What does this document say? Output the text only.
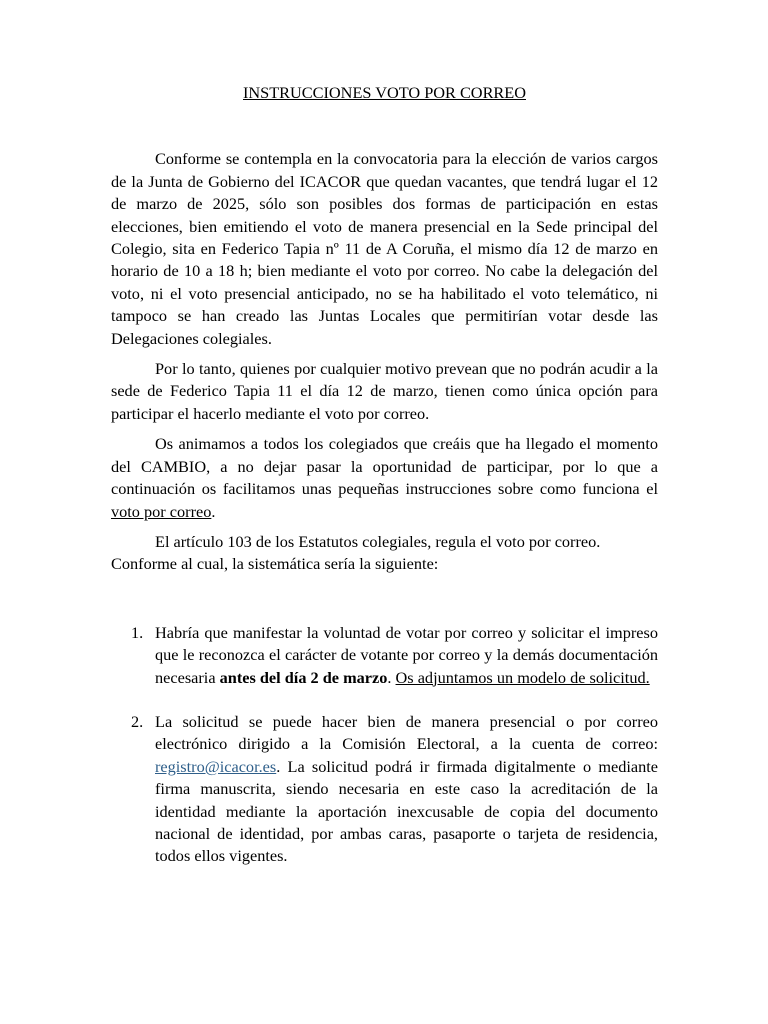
INSTRUCCIONES VOTO POR CORREO

Conforme se contempla en la convocatoria para la elección de varios cargos de la Junta de Gobierno del ICACOR que quedan vacantes, que tendrá lugar el 12 de marzo de 2025, sólo son posibles dos formas de participación en estas elecciones, bien emitiendo el voto de manera presencial en la Sede principal del Colegio, sita en Federico Tapia nº 11 de A Coruña, el mismo día 12 de marzo en horario de 10 a 18 h; bien mediante el voto por correo. No cabe la delegación del voto, ni el voto presencial anticipado, no se ha habilitado el voto telemático, ni tampoco se han creado las Juntas Locales que permitirían votar desde las Delegaciones colegiales.

Por lo tanto, quienes por cualquier motivo prevean que no podrán acudir a la sede de Federico Tapia 11 el día 12 de marzo, tienen como única opción para participar el hacerlo mediante el voto por correo.

Os animamos a todos los colegiados que creáis que ha llegado el momento del CAMBIO, a no dejar pasar la oportunidad de participar, por lo que a continuación os facilitamos unas pequeñas instrucciones sobre como funciona el voto por correo.

El artículo 103 de los Estatutos colegiales, regula el voto por correo. Conforme al cual, la sistemática sería la siguiente:

1. Habría que manifestar la voluntad de votar por correo y solicitar el impreso que le reconozca el carácter de votante por correo y la demás documentación necesaria antes del día 2 de marzo. Os adjuntamos un modelo de solicitud.
2. La solicitud se puede hacer bien de manera presencial o por correo electrónico dirigido a la Comisión Electoral, a la cuenta de correo: registro@icacor.es. La solicitud podrá ir firmada digitalmente o mediante firma manuscrita, siendo necesaria en este caso la acreditación de la identidad mediante la aportación inexcusable de copia del documento nacional de identidad, por ambas caras, pasaporte o tarjeta de residencia, todos ellos vigentes.
